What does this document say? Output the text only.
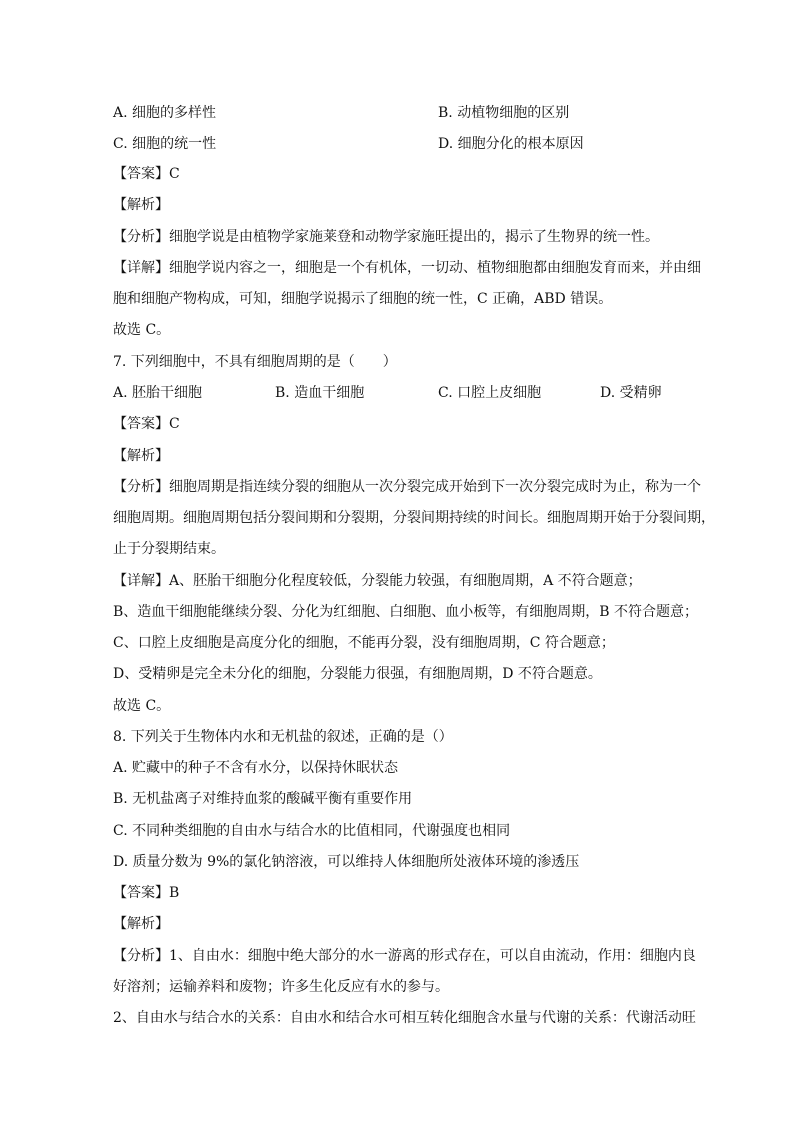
A. 细胞的多样性	B. 动植物细胞的区别
C. 细胞的统一性	D. 细胞分化的根本原因
【答案】C
【解析】
【分析】细胞学说是由植物学家施莱登和动物学家施旺提出的，揭示了生物界的统一性。
【详解】细胞学说内容之一，细胞是一个有机体，一切动、植物细胞都由细胞发育而来，并由细
胞和细胞产物构成，可知，细胞学说揭示了细胞的统一性，C 正确，ABD 错误。
故选 C。
7. 下列细胞中，不具有细胞周期的是（　　）
A. 胚胎干细胞	B. 造血干细胞	C. 口腔上皮细胞	D. 受精卵
【答案】C
【解析】
【分析】细胞周期是指连续分裂的细胞从一次分裂完成开始到下一次分裂完成时为止，称为一个
细胞周期。细胞周期包括分裂间期和分裂期，分裂间期持续的时间长。细胞周期开始于分裂间期，
止于分裂期结束。
【详解】A、胚胎干细胞分化程度较低，分裂能力较强，有细胞周期，A 不符合题意；
B、造血干细胞能继续分裂、分化为红细胞、白细胞、血小板等，有细胞周期，B 不符合题意；
C、口腔上皮细胞是高度分化的细胞，不能再分裂，没有细胞周期，C 符合题意；
D、受精卵是完全未分化的细胞，分裂能力很强，有细胞周期，D 不符合题意。
故选 C。
8. 下列关于生物体内水和无机盐的叙述，正确的是（）
A. 贮藏中的种子不含有水分，以保持休眠状态
B. 无机盐离子对维持血浆的酸碱平衡有重要作用
C. 不同种类细胞的自由水与结合水的比值相同，代谢强度也相同
D. 质量分数为 9%的氯化钠溶液，可以维持人体细胞所处液体环境的渗透压
【答案】B
【解析】
【分析】1、自由水：细胞中绝大部分的水一游离的形式存在，可以自由流动，作用：细胞内良
好溶剂；运输养料和废物；许多生化反应有水的参与。
2、自由水与结合水的关系：自由水和结合水可相互转化细胞含水量与代谢的关系：代谢活动旺
